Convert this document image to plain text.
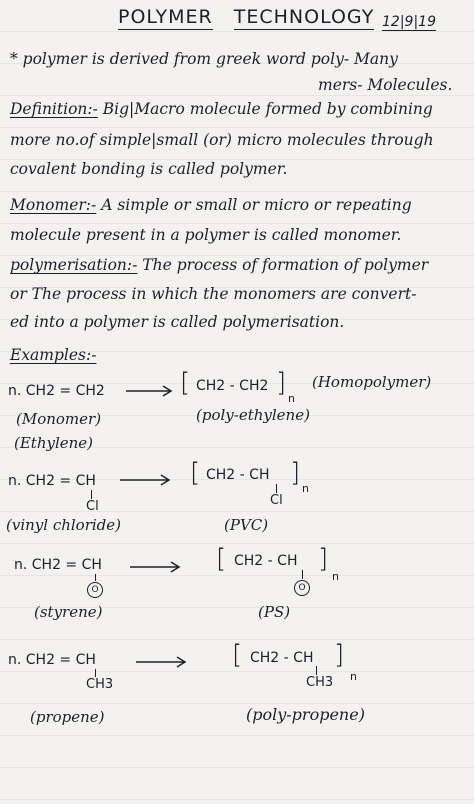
POLYMER TECHNOLOGY 12|9|19
* polymer is derived from greek word poly- Many
mers- Molecules.
Definition:- Big|Macro molecule formed by combining
more no.of simple|small (or) micro molecules through
covalent bonding is called polymer.
Monomer:- A simple or small or micro or repeating
molecule present in a polymer is called monomer.
polymerisation:- The process of formation of polymer
or The process in which the monomers are convert-
ed into a polymer is called polymerisation.
Examples:-
n. CH2 = CH2	[ CH2 - CH2 ]
n
(Homopolymer)
(Monomer)
(Ethylene)
(poly-ethylene)
n. CH2 = CH
Cl
[ CH2 - CH ]
n
Cl
(vinyl chloride)	(PVC)
n. CH2 = CH
O
[ CH2 - CH ]
n
O
(styrene)	(PS)
n. CH2 = CH
CH3
[ CH2 - CH ]
n
CH3
(propene)	(poly-propene)
